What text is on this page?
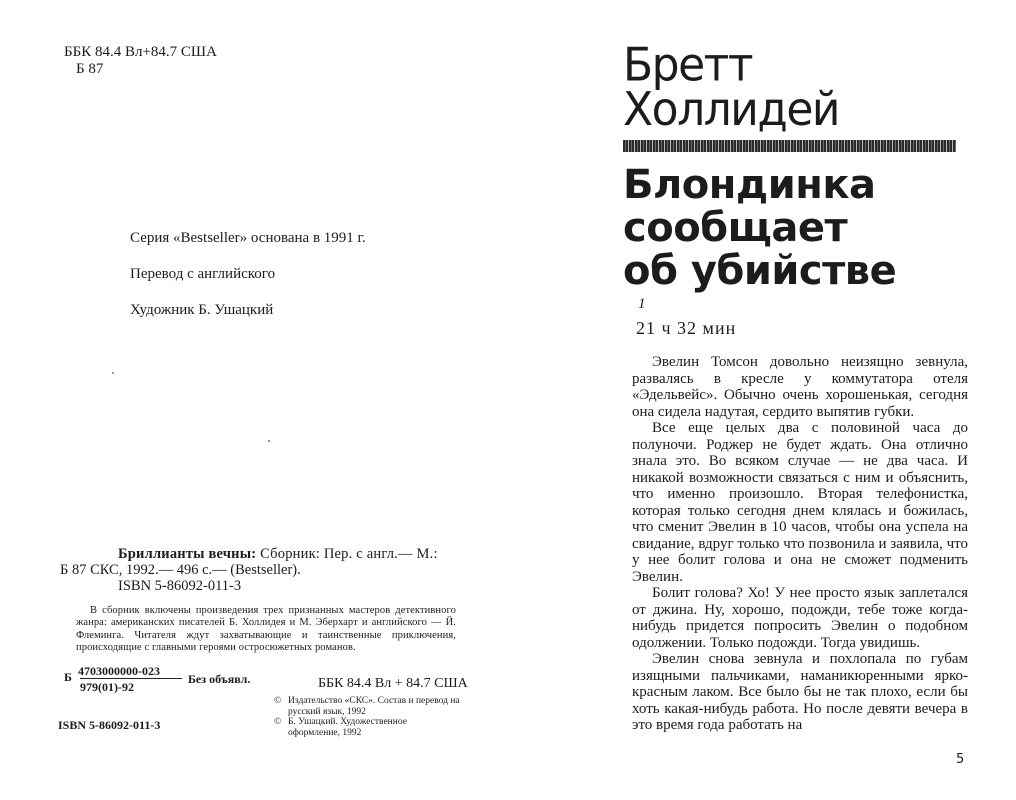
ББК 84.4 Вл+84.7 США
Б 87
Серия «Bestseller» основана в 1991 г.
Перевод с английского
Художник Б. Ушацкий
Бриллианты вечны: Сборник: Пер. с англ.— М.:
Б 87 СКС, 1992.— 496 с.— (Bestseller).
ISBN 5-86092-011-3
В сборник включены произведения трех признанных мастеров детективного жанра: американских писателей Б. Холлидея и М. Эберхарт и английского — Й. Флеминга. Читателя ждут захватывающие и таинственные приключения, происходящие с главными героями остросюжетных романов.
Б 4703000000-023
979(01)-92
Без объявл.	ББК 84.4 Вл + 84.7 США
© Издательство «СКС». Состав и перевод на русский язык, 1992
© Б. Ушацкий. Художественное оформление, 1992
ISBN 5-86092-011-3
Бретт
Холлидей
Блондинка
сообщает
об убийстве
1
21 ч 32 мин

Эвелин Томсон довольно неизящно зевнула, развалясь в кресле у коммутатора отеля «Эдельвейс». Обычно очень хорошенькая, сегодня она сидела надутая, сердито выпятив губки.

Все еще целых два с половиной часа до полуночи. Роджер не будет ждать. Она отлично знала это. Во всяком случае — не два часа. И никакой возможности связаться с ним и объяснить, что именно произошло. Вторая телефонистка, которая только сегодня днем клялась и божилась, что сменит Эвелин в 10 часов, чтобы она успела на свидание, вдруг только что позвонила и заявила, что у нее болит голова и она не сможет подменить Эвелин.

Болит голова? Хо! У нее просто язык заплетался от джина. Ну, хорошо, подожди, тебе тоже когда-нибудь придется попросить Эвелин о подобном одолжении. Только подожди. Тогда увидишь.

Эвелин снова зевнула и похлопала по губам изящными пальчиками, наманикюренными ярко-красным лаком. Все было бы не так плохо, если бы хоть какая-нибудь работа. Но после девяти вечера в это время года работать на

5
